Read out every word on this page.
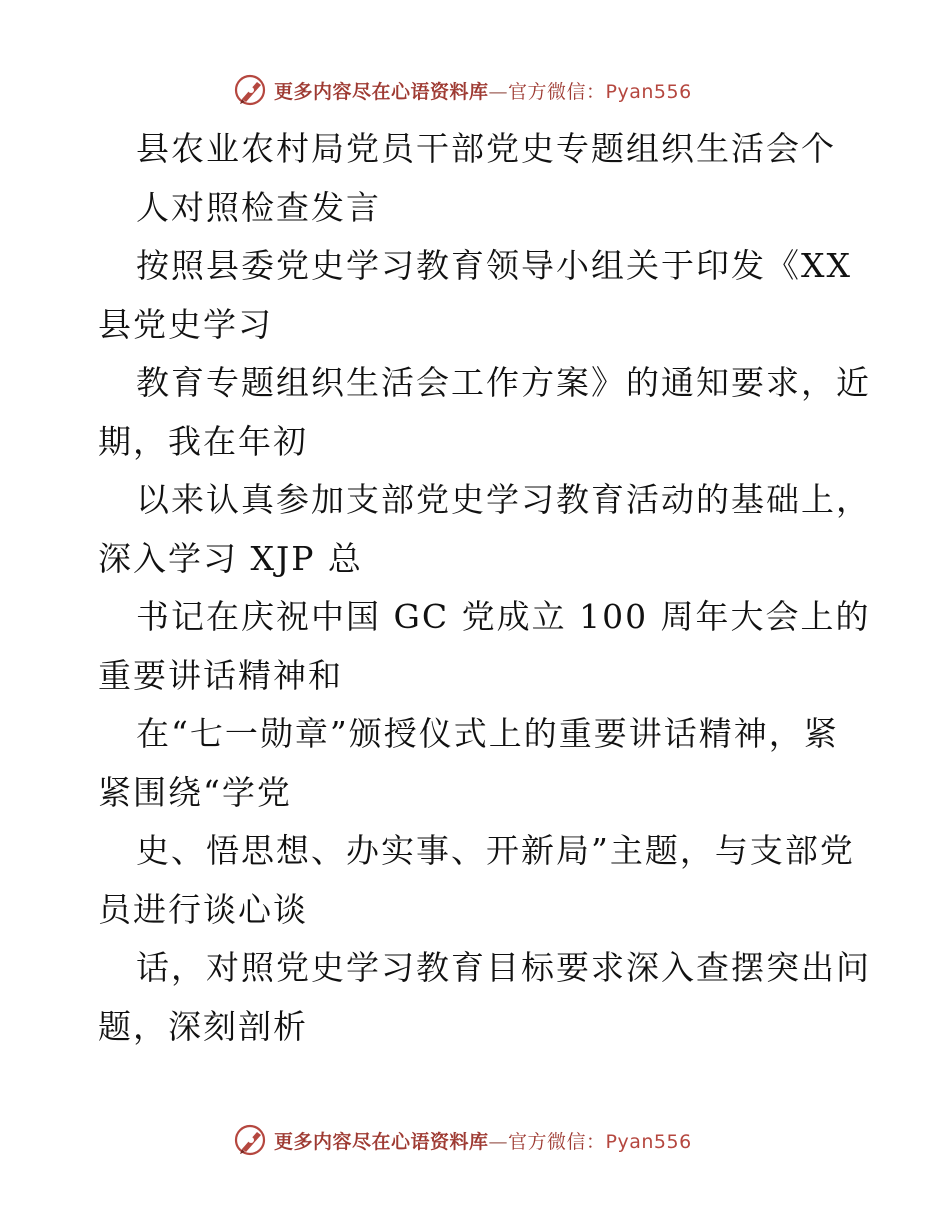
更多内容尽在心语资料库—官方微信：Pyan556
县农业农村局党员干部党史专题组织生活会个
人对照检查发言
按照县委党史学习教育领导小组关于印发《XX
县党史学习
教育专题组织生活会工作方案》的通知要求，近
期，我在年初
以来认真参加支部党史学习教育活动的基础上，
深入学习 XJP 总
书记在庆祝中国 GC 党成立 100 周年大会上的
重要讲话精神和
在“七一勋章”颁授仪式上的重要讲话精神，紧
紧围绕“学党
史、悟思想、办实事、开新局”主题，与支部党
员进行谈心谈
话，对照党史学习教育目标要求深入查摆突出问
题，深刻剖析
更多内容尽在心语资料库—官方微信：Pyan556
